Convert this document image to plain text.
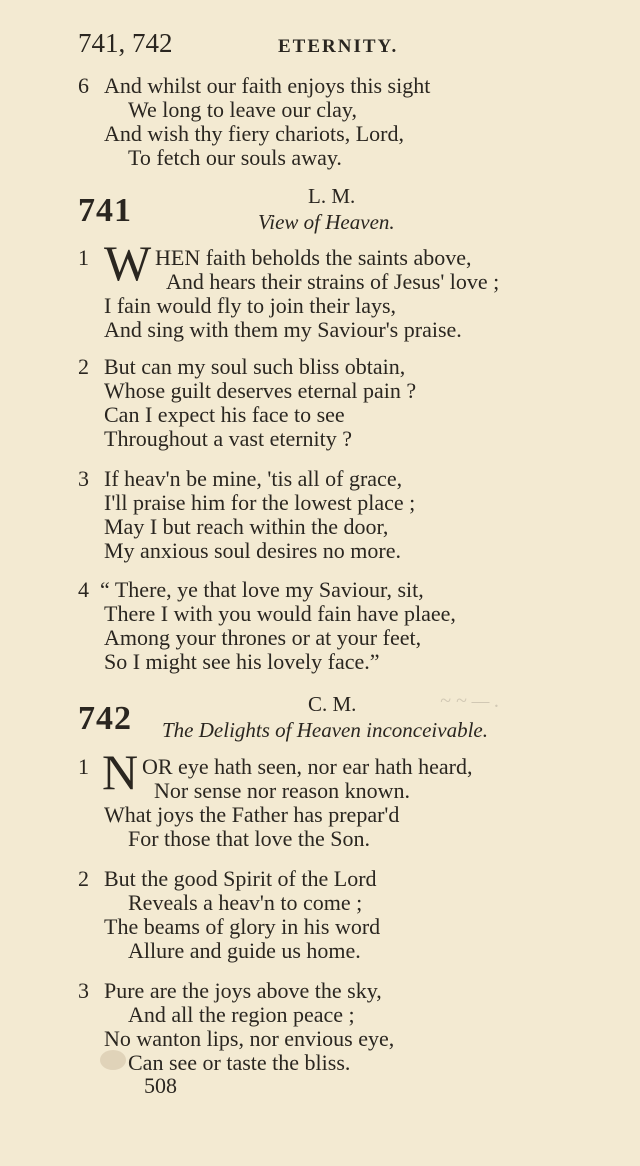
741, 742	ETERNITY.
6 And whilst our faith enjoys this sight
We long to leave our clay,
And wish thy fiery chariots, Lord,
To fetch our souls away.
741	L. M.
View of Heaven.
1 W HEN faith beholds the saints above,
And hears their strains of Jesus' love ;
I fain would fly to join their lays,
And sing with them my Saviour's praise.
2 But can my soul such bliss obtain,
Whose guilt deserves eternal pain ?
Can I expect his face to see
Throughout a vast eternity ?
3 If heav'n be mine, 'tis all of grace,
I'll praise him for the lowest place ;
May I but reach within the door,
My anxious soul desires no more.
4 “ There, ye that love my Saviour, sit,
There I with you would fain have plaee,
Among your thrones or at your feet,
So I might see his lovely face.”
742	C. M.	~ ~ — .
The Delights of Heaven inconceivable.
1 N OR eye hath seen, nor ear hath heard,
Nor sense nor reason known.
What joys the Father has prepar'd
For those that love the Son.
2 But the good Spirit of the Lord
Reveals a heav'n to come ;
The beams of glory in his word
Allure and guide us home.
3 Pure are the joys above the sky,
And all the region peace ;
No wanton lips, nor envious eye,
Can see or taste the bliss.
508
